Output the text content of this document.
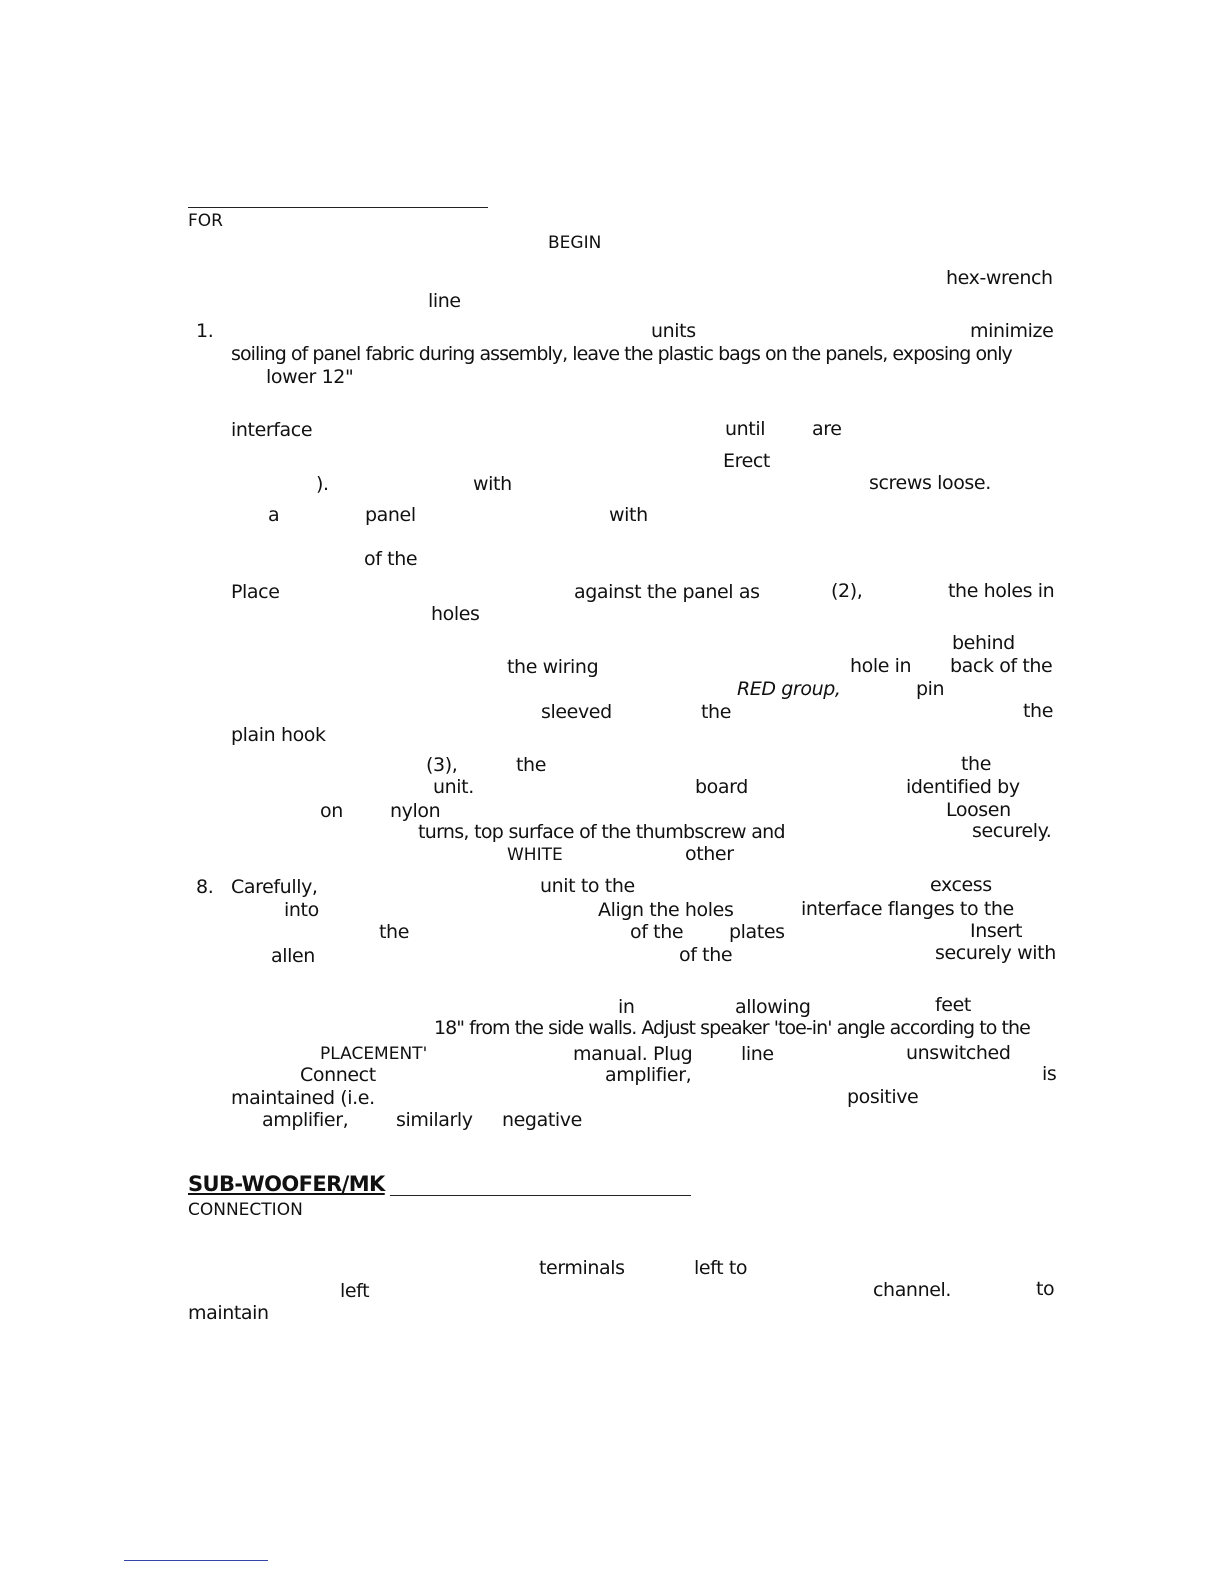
FOR
BEGIN
hex-wrench
line
1.	units	minimize
soiling of panel fabric during assembly, leave the plastic bags on the panels, exposing only
lower 12"
interface	until are
Erect
).	with	screws loose.
a	panel	with
of the
Place	against the panel as	(2),	the holes in
holes
behind
the wiring	hole in back of the
RED group,	pin
sleeved	the	the
plain hook
(3),	the	the
unit.	board	identified by
on nylon	Loosen
turns, top surface of the thumbscrew and	securely.
WHITE	other
8. Carefully,	unit to the	excess
into	Align the holes	interface flanges to the
the	of the plates	Insert
allen	of the	securely with
in	allowing	feet
18" from the side walls. Adjust speaker 'toe-in' angle according to the
PLACEMENT'	manual. Plug	line	unswitched
Connect	amplifier,	is
maintained (i.e.	positive
amplifier,	similarly negative
SUB-WOOFER/MK
CONNECTION
terminals	left to
left	channel.	to
maintain
